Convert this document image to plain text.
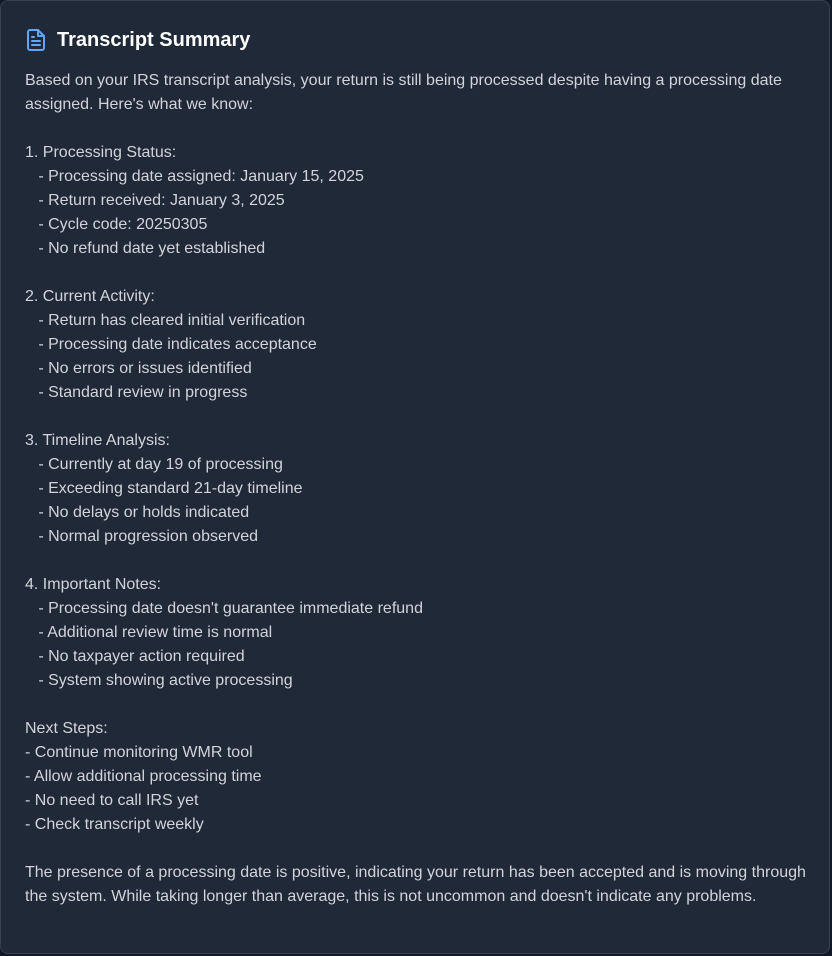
Transcript Summary
Based on your IRS transcript analysis, your return is still being processed despite having a processing date assigned. Here's what we know:

1. Processing Status:
- Processing date assigned: January 15, 2025
- Return received: January 3, 2025
- Cycle code: 20250305
- No refund date yet established

2. Current Activity:
- Return has cleared initial verification
- Processing date indicates acceptance
- No errors or issues identified
- Standard review in progress

3. Timeline Analysis:
- Currently at day 19 of processing
- Exceeding standard 21-day timeline
- No delays or holds indicated
- Normal progression observed

4. Important Notes:
- Processing date doesn't guarantee immediate refund
- Additional review time is normal
- No taxpayer action required
- System showing active processing

Next Steps:
- Continue monitoring WMR tool
- Allow additional processing time
- No need to call IRS yet
- Check transcript weekly

The presence of a processing date is positive, indicating your return has been accepted and is moving through the system. While taking longer than average, this is not uncommon and doesn't indicate any problems.
